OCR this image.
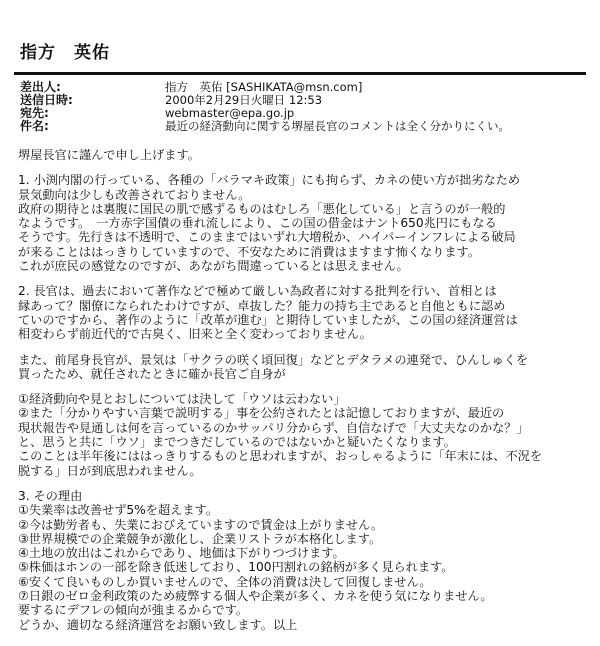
指方　英佑
差出人:	指方　英佑 [SASHIKATA@msn.com]
送信日時:	2000年2月29日火曜日 12:53
宛先:	webmaster@epa.go.jp
件名:	最近の経済動向に関する堺屋長官のコメントは全く分かりにくい。
堺屋長官に謹んで申し上げます。
1. 小渕内閣の行っている、各種の「バラマキ政策」にも拘らず、カネの使い方が拙劣なため
景気動向は少しも改善されておりません。
政府の期待とは裏腹に国民の肌で感ずるものはむしろ「悪化している」と言うのが一般的
なようです。　一方赤字国債の垂れ流しにより、この国の借金はナント650兆円にもなる
そうです。先行きは不透明で、このままではいずれ大増税か、ハイパーインフレによる破局
が来ることははっきりしていますので、不安なために消費はますます怖くなります。
これが庶民の感覚なのですが、あながち間違っているとは思えません。
2. 長官は、過去において著作などで極めて厳しい為政者に対する批判を行い、首相とは
縁あって？閣僚になられたわけですが、卓抜した？能力の持ち主であると自他ともに認め
ていのですから、著作のように「改革が進む」と期待していましたが、この国の経済運営は
相変わらず前近代的で古臭く、旧来と全く変わっておりません。
また、前尾身長官が、景気は「サクラの咲く頃回復」などとデタラメの連発で、ひんしゅくを
買ったため、就任されたときに確か長官ご自身が
①経済動向や見とおしについては決して「ウソは云わない」
②また「分かりやすい言葉で説明する」事を公約されたとは記憶しておりますが、最近の
現状報告や見通しは何を言っているのかサッパリ分からず、自信なげで「大丈夫なのかな？」
と、思うと共に「ウソ」までつきだしているのではないかと疑いたくなります。
このことは半年後にははっきりするものと思われますが、おっしゃるように「年末には、不況を
脱する」日が到底思われません。
3. その理由
①失業率は改善せず5%を超えます。
②今は勤労者も、失業におびえていますので賃金は上がりません。
③世界規模での企業競争が激化し、企業リストラが本格化します。
④土地の放出はこれからであり、地価は下がりつづけます。
⑤株価はホンの一部を除き低迷しており、100円割れの銘柄が多く見られます。
⑥安くて良いものしか買いませんので、全体の消費は決して回復しません。
⑦日銀のゼロ金利政策のため疲弊する個人や企業が多く、カネを使う気になりません。
要するにデフレの傾向が強まるからです。
どうか、適切なる経済運営をお願い致します。以上
